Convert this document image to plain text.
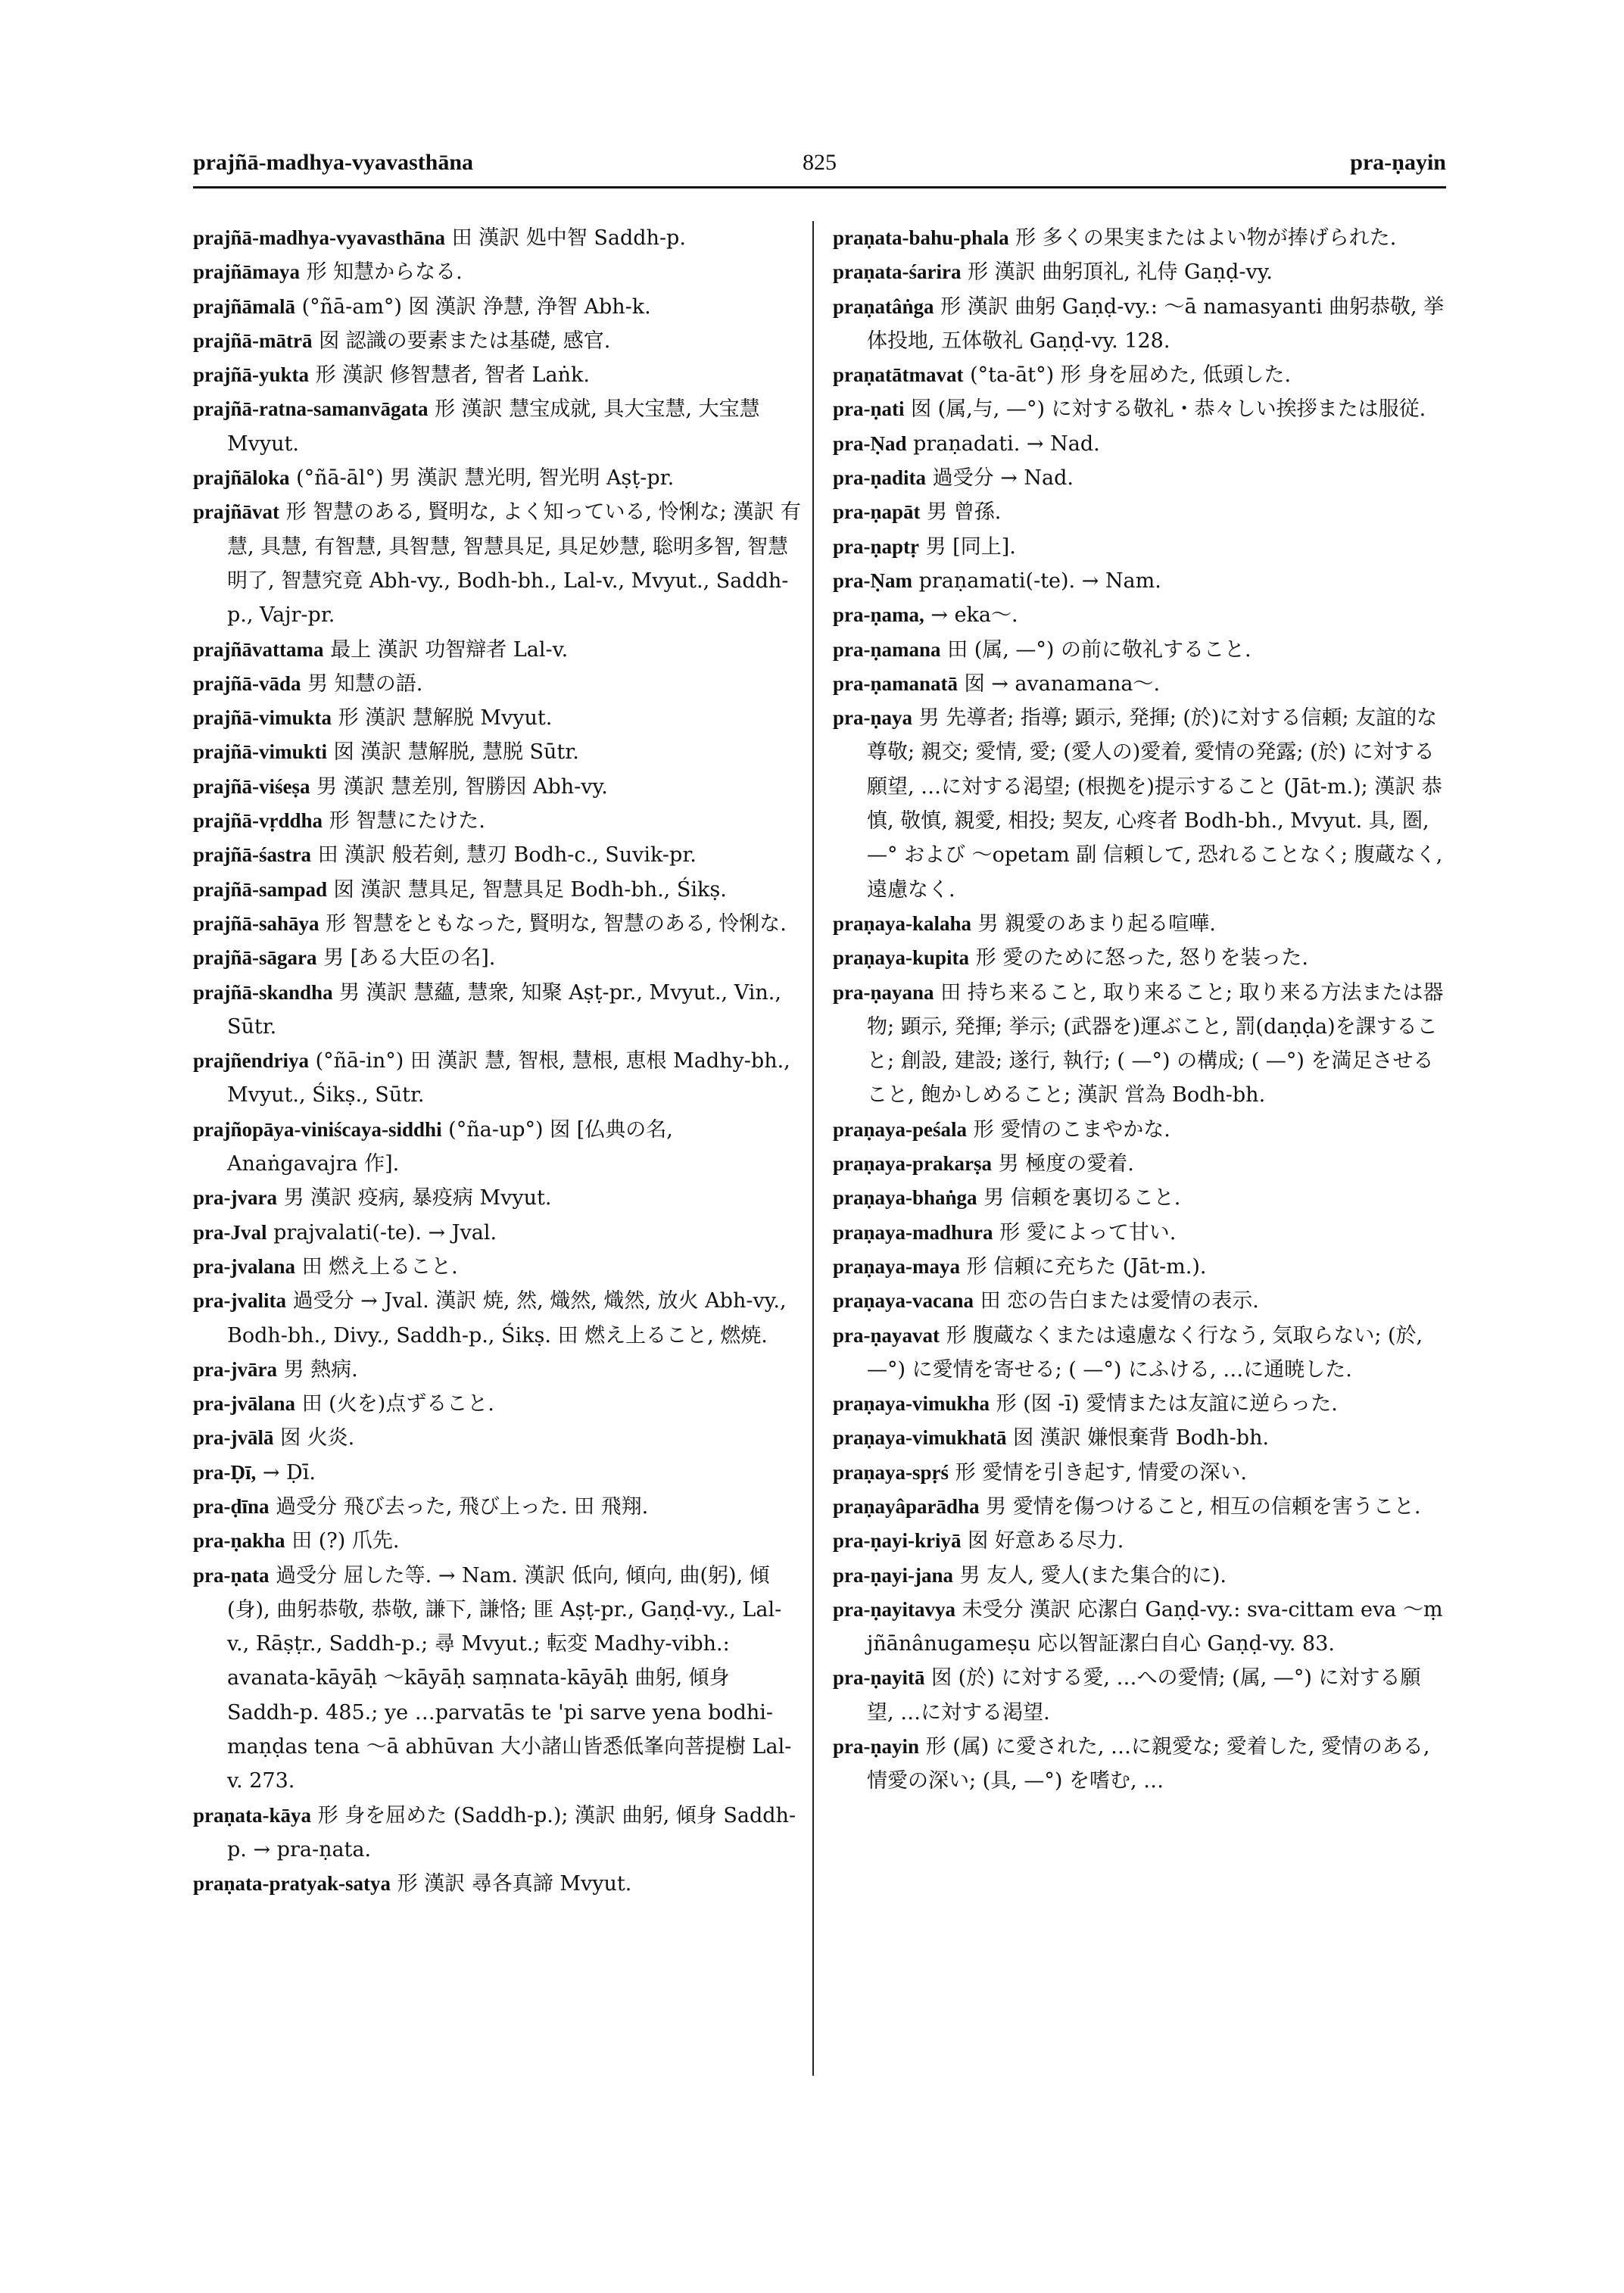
prajñā-madhya-vyavasthāna	825	pra-ṇayin

prajñā-madhya-vyavasthāna 田 漢訳 処中智 Saddh-p.

prajñāmaya 形 知慧からなる.

prajñāmalā (°ñā-am°) 囡 漢訳 浄慧, 浄智 Abh-k.

prajñā-mātrā 囡 認識の要素または基礎, 感官.

prajñā-yukta 形 漢訳 修智慧者, 智者 Laṅk.

prajñā-ratna-samanvāgata 形 漢訳 慧宝成就, 具大宝慧, 大宝慧 Mvyut.

prajñāloka (°ñā-āl°) 男 漢訳 慧光明, 智光明 Aṣṭ-pr.

prajñāvat 形 智慧のある, 賢明な, よく知っている, 怜悧な; 漢訳 有慧, 具慧, 有智慧, 具智慧, 智慧具足, 具足妙慧, 聡明多智, 智慧明了, 智慧究竟 Abh-vy., Bodh-bh., Lal-v., Mvyut., Saddh-p., Vajr-pr.

prajñāvattama 最上 漢訳 功智辯者 Lal-v.

prajñā-vāda 男 知慧の語.

prajñā-vimukta 形 漢訳 慧解脱 Mvyut.

prajñā-vimukti 囡 漢訳 慧解脱, 慧脱 Sūtr.

prajñā-viśeṣa 男 漢訳 慧差別, 智勝因 Abh-vy.

prajñā-vṛddha 形 智慧にたけた.

prajñā-śastra 田 漢訳 般若剣, 慧刃 Bodh-c., Suvik-pr.

prajñā-sampad 囡 漢訳 慧具足, 智慧具足 Bodh-bh., Śikṣ.

prajñā-sahāya 形 智慧をともなった, 賢明な, 智慧のある, 怜悧な.

prajñā-sāgara 男 [ある大臣の名].

prajñā-skandha 男 漢訳 慧蘊, 慧衆, 知聚 Aṣṭ-pr., Mvyut., Vin., Sūtr.

prajñendriya (°ñā-in°) 田 漢訳 慧, 智根, 慧根, 恵根 Madhy-bh., Mvyut., Śikṣ., Sūtr.

prajñopāya-viniścaya-siddhi (°ña-up°) 囡 [仏典の名, Anaṅgavajra 作].

pra-jvara 男 漢訳 疫病, 暴疫病 Mvyut.

pra-Jval prajvalati(-te). → Jval.

pra-jvalana 田 燃え上ること.

pra-jvalita 過受分 → Jval. 漢訳 焼, 然, 熾然, 熾然, 放火 Abh-vy., Bodh-bh., Divy., Saddh-p., Śikṣ. 田 燃え上ること, 燃焼.

pra-jvāra 男 熱病.

pra-jvālana 田 (火を)点ずること.

pra-jvālā 囡 火炎.

pra-Ḍī, → Ḍī.

pra-ḍīna 過受分 飛び去った, 飛び上った. 田 飛翔.

pra-ṇakha 田 (?) 爪先.

pra-ṇata 過受分 屈した等. → Nam. 漢訳 低向, 傾向, 曲(躬), 傾(身), 曲躬恭敬, 恭敬, 謙下, 謙恪; 匪 Aṣṭ-pr., Gaṇḍ-vy., Lal-v., Rāṣṭr., Saddh-p.; 尋 Mvyut.; 転変 Madhy-vibh.: avanata-kāyāḥ ～kāyāḥ saṃnata-kāyāḥ 曲躬, 傾身 Saddh-p. 485.; ye …parvatās te 'pi sarve yena bodhi-maṇḍas tena ～ā abhūvan 大小諸山皆悉低峯向菩提樹 Lal-v. 273.

praṇata-kāya 形 身を屈めた (Saddh-p.); 漢訳 曲躬, 傾身 Saddh-p. → pra-ṇata.

praṇata-pratyak-satya 形 漢訳 尋各真諦 Mvyut.

praṇata-bahu-phala 形 多くの果実またはよい物が捧げられた.

praṇata-śarira 形 漢訳 曲躬頂礼, 礼侍 Gaṇḍ-vy.

praṇatâṅga 形 漢訳 曲躬 Gaṇḍ-vy.: ～ā namasyanti 曲躬恭敬, 挙体投地, 五体敬礼 Gaṇḍ-vy. 128.

praṇatātmavat (°ta-āt°) 形 身を屈めた, 低頭した.

pra-ṇati 囡 (属,与, —°) に対する敬礼・恭々しい挨拶または服従.

pra-Ṇad praṇadati. → Nad.

pra-ṇadita 過受分 → Nad.

pra-ṇapāt 男 曾孫.

pra-ṇaptṛ 男 [同上].

pra-Ṇam praṇamati(-te). → Nam.

pra-ṇama, → eka～.

pra-ṇamana 田 (属, —°) の前に敬礼すること.

pra-ṇamanatā 囡 → avanamana～.

pra-ṇaya 男 先導者; 指導; 顕示, 発揮; (於)に対する信頼; 友誼的な尊敬; 親交; 愛情, 愛; (愛人の)愛着, 愛情の発露; (於) に対する願望, …に対する渇望; (根拠を)提示すること (Jāt-m.); 漢訳 恭慎, 敬慎, 親愛, 相投; 契友, 心疼者 Bodh-bh., Mvyut. 具, 圏, —° および ～opetam 副 信頼して, 恐れることなく; 腹蔵なく, 遠慮なく.

praṇaya-kalaha 男 親愛のあまり起る喧嘩.

praṇaya-kupita 形 愛のために怒った, 怒りを装った.

pra-ṇayana 田 持ち来ること, 取り来ること; 取り来る方法または器物; 顕示, 発揮; 挙示; (武器を)運ぶこと, 罰(daṇḍa)を課すること; 創設, 建設; 遂行, 執行; ( —°) の構成; ( —°) を満足させること, 飽かしめること; 漢訳 営為 Bodh-bh.

praṇaya-peśala 形 愛情のこまやかな.

praṇaya-prakarṣa 男 極度の愛着.

praṇaya-bhaṅga 男 信頼を裏切ること.

praṇaya-madhura 形 愛によって甘い.

praṇaya-maya 形 信頼に充ちた (Jāt-m.).

praṇaya-vacana 田 恋の告白または愛情の表示.

pra-ṇayavat 形 腹蔵なくまたは遠慮なく行なう, 気取らない; (於, —°) に愛情を寄せる; ( —°) にふける, …に通暁した.

praṇaya-vimukha 形 (囡 -ī) 愛情または友誼に逆らった.

praṇaya-vimukhatā 囡 漢訳 嫌恨棄背 Bodh-bh.

praṇaya-spṛś 形 愛情を引き起す, 情愛の深い.

praṇayâparādha 男 愛情を傷つけること, 相互の信頼を害うこと.

pra-ṇayi-kriyā 囡 好意ある尽力.

pra-ṇayi-jana 男 友人, 愛人(また集合的に).

pra-ṇayitavya 未受分 漢訳 応潔白 Gaṇḍ-vy.: sva-cittam eva ～ṃ jñānânugameṣu 応以智証潔白自心 Gaṇḍ-vy. 83.

pra-ṇayitā 囡 (於) に対する愛, …への愛情; (属, —°) に対する願望, …に対する渇望.

pra-ṇayin 形 (属) に愛された, …に親愛な; 愛着した, 愛情のある, 情愛の深い; (具, —°) を嗜む, …
